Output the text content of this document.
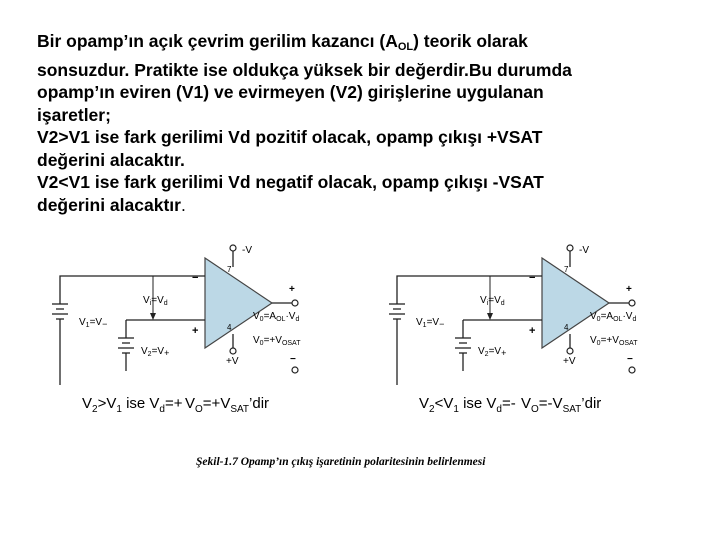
Bir opamp’ın açık çevrim gerilim kazancı $(A_{OL})$ teorik olarak
sonsuzdur. Pratikte ise oldukça yüksek bir değerdir.Bu durumda
opamp’ın eviren (V1) ve evirmeyen (V2) girişlerine uygulanan
işaretler;
V2>V1 ise fark gerilimi Vd pozitif olacak, opamp çıkışı +VSAT
değerini alacaktır.
V2<V1 ise fark gerilimi Vd negatif olacak, opamp çıkışı -VSAT
değerini alacaktır.
-V
7
−
+	4
+V
$V_i=V_d$
$V_1=V-$
$V_2=V+$
+
$V_0=A_{OL}\cdot V_d$
$V_0=+V_{OSAT}$
−
$V_2>V_1$ ise $V_d=+$ $V_O=+V_{SAT}’dir$
-V
7
−
+	4
+V
$V_i=V_d$
$V_1=V-$
$V_2=V+$
+
$V_0=A_{OL}\cdot V_d$
$V_0=+V_{OSAT}$
−
$V_2<V_1$ ise $V_d=-$ $V_O=-V_{SAT}’dir$
Şekil-1.7 Opamp’ın çıkış işaretinin polaritesinin belirlenmesi
